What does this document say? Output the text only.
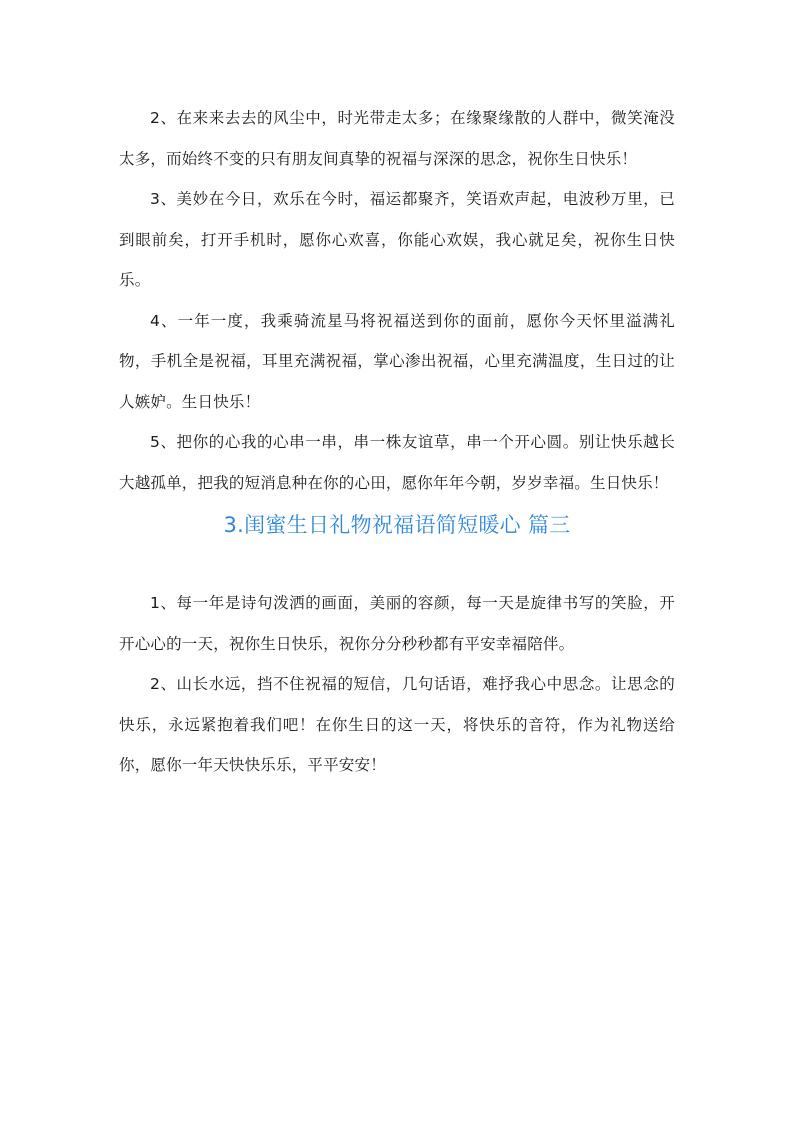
2、在来来去去的风尘中，时光带走太多；在缘聚缘散的人群中，微笑淹没太多，而始终不变的只有朋友间真挚的祝福与深深的思念，祝你生日快乐！

3、美妙在今日，欢乐在今时，福运都聚齐，笑语欢声起，电波秒万里，已到眼前矣，打开手机时，愿你心欢喜，你能心欢娱，我心就足矣，祝你生日快乐。

4、一年一度，我乘骑流星马将祝福送到你的面前，愿你今天怀里溢满礼物，手机全是祝福，耳里充满祝福，掌心渗出祝福，心里充满温度，生日过的让人嫉妒。生日快乐！

5、把你的心我的心串一串，串一株友谊草，串一个开心圆。别让快乐越长大越孤单，把我的短消息种在你的心田，愿你年年今朝，岁岁幸福。生日快乐！

3.闺蜜生日礼物祝福语简短暖心 篇三

1、每一年是诗句泼洒的画面，美丽的容颜，每一天是旋律书写的笑脸，开开心心的一天，祝你生日快乐，祝你分分秒秒都有平安幸福陪伴。

2、山长水远，挡不住祝福的短信，几句话语，难抒我心中思念。让思念的快乐，永远紧抱着我们吧！在你生日的这一天，将快乐的音符，作为礼物送给你，愿你一年天快快乐乐，平平安安！
